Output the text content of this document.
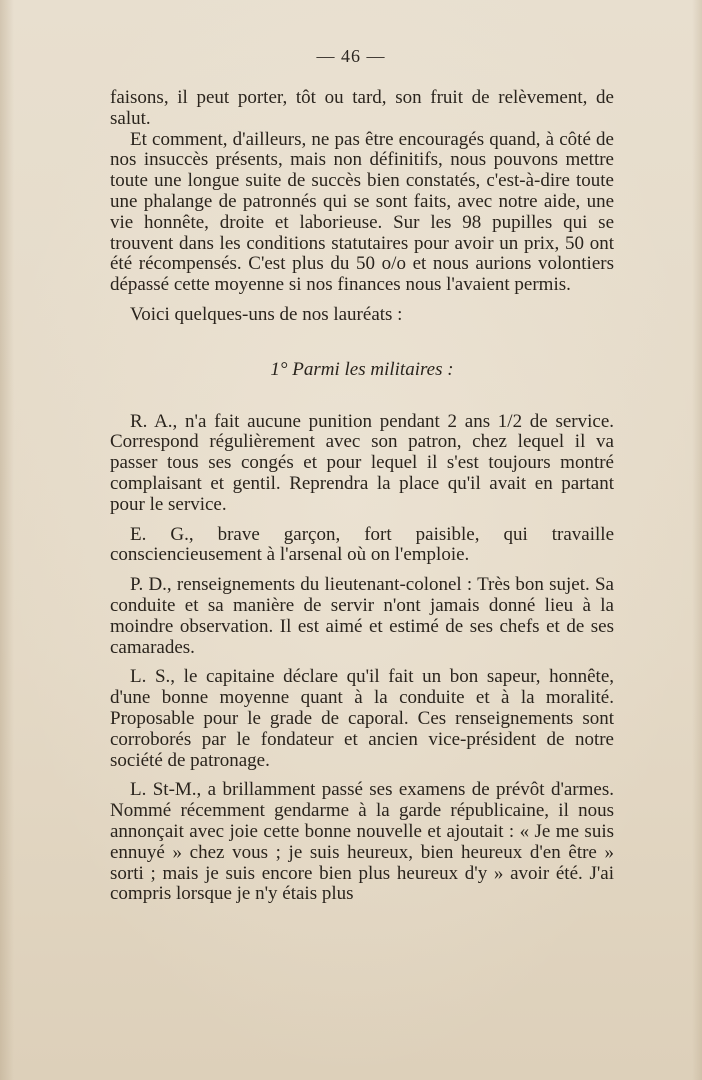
— 46 —

faisons, il peut porter, tôt ou tard, son fruit de relèvement, de salut.

Et comment, d'ailleurs, ne pas être encouragés quand, à côté de nos insuccès présents, mais non définitifs, nous pouvons mettre toute une longue suite de succès bien constatés, c'est-à-dire toute une phalange de patronnés qui se sont faits, avec notre aide, une vie honnête, droite et laborieuse. Sur les 98 pupilles qui se trouvent dans les conditions statutaires pour avoir un prix, 50 ont été récompensés. C'est plus du 50 o/o et nous aurions volontiers dépassé cette moyenne si nos finances nous l'avaient permis.

Voici quelques-uns de nos lauréats :

1° Parmi les militaires :

R. A., n'a fait aucune punition pendant 2 ans 1/2 de service. Correspond régulièrement avec son patron, chez lequel il va passer tous ses congés et pour lequel il s'est toujours montré complaisant et gentil. Reprendra la place qu'il avait en partant pour le service.

E. G., brave garçon, fort paisible, qui travaille consciencieusement à l'arsenal où on l'emploie.

P. D., renseignements du lieutenant-colonel : Très bon sujet. Sa conduite et sa manière de servir n'ont jamais donné lieu à la moindre observation. Il est aimé et estimé de ses chefs et de ses camarades.

L. S., le capitaine déclare qu'il fait un bon sapeur, honnête, d'une bonne moyenne quant à la conduite et à la moralité. Proposable pour le grade de caporal. Ces renseignements sont corroborés par le fondateur et ancien vice-président de notre société de patronage.

L. St-M., a brillamment passé ses examens de prévôt d'armes. Nommé récemment gendarme à la garde républicaine, il nous annonçait avec joie cette bonne nouvelle et ajoutait : « Je me suis ennuyé » chez vous ; je suis heureux, bien heureux d'en être » sorti ; mais je suis encore bien plus heureux d'y » avoir été. J'ai compris lorsque je n'y étais plus
